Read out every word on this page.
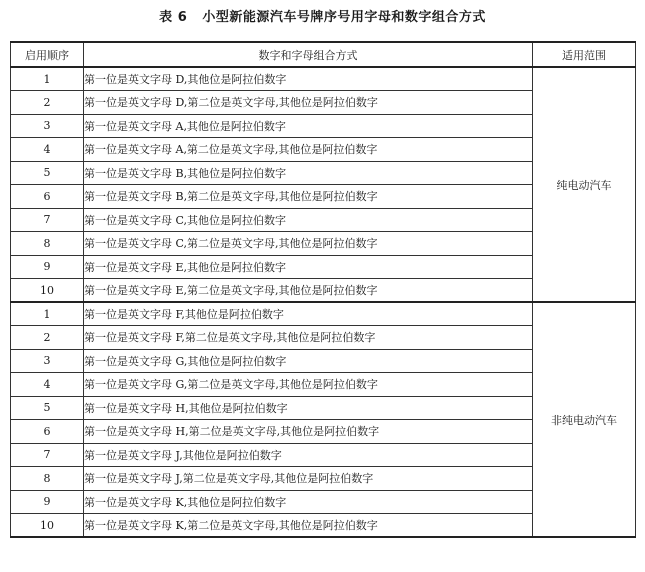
表 6   小型新能源汽车号牌序号用字母和数字组合方式
启用顺序	数字和字母组合方式	适用范围
1	第一位是英文字母 D,其他位是阿拉伯数字	纯电动汽车
2	第一位是英文字母 D,第二位是英文字母,其他位是阿拉伯数字	
3	第一位是英文字母 A,其他位是阿拉伯数字	
4	第一位是英文字母 A,第二位是英文字母,其他位是阿拉伯数字	
5	第一位是英文字母 B,其他位是阿拉伯数字	
6	第一位是英文字母 B,第二位是英文字母,其他位是阿拉伯数字	
7	第一位是英文字母 C,其他位是阿拉伯数字	
8	第一位是英文字母 C,第二位是英文字母,其他位是阿拉伯数字	
9	第一位是英文字母 E,其他位是阿拉伯数字	
10	第一位是英文字母 E,第二位是英文字母,其他位是阿拉伯数字	
1	第一位是英文字母 F,其他位是阿拉伯数字	非纯电动汽车
2	第一位是英文字母 F,第二位是英文字母,其他位是阿拉伯数字	
3	第一位是英文字母 G,其他位是阿拉伯数字	
4	第一位是英文字母 G,第二位是英文字母,其他位是阿拉伯数字	
5	第一位是英文字母 H,其他位是阿拉伯数字	
6	第一位是英文字母 H,第二位是英文字母,其他位是阿拉伯数字	
7	第一位是英文字母 J,其他位是阿拉伯数字	
8	第一位是英文字母 J,第二位是英文字母,其他位是阿拉伯数字	
9	第一位是英文字母 K,其他位是阿拉伯数字	
10	第一位是英文字母 K,第二位是英文字母,其他位是阿拉伯数字	
